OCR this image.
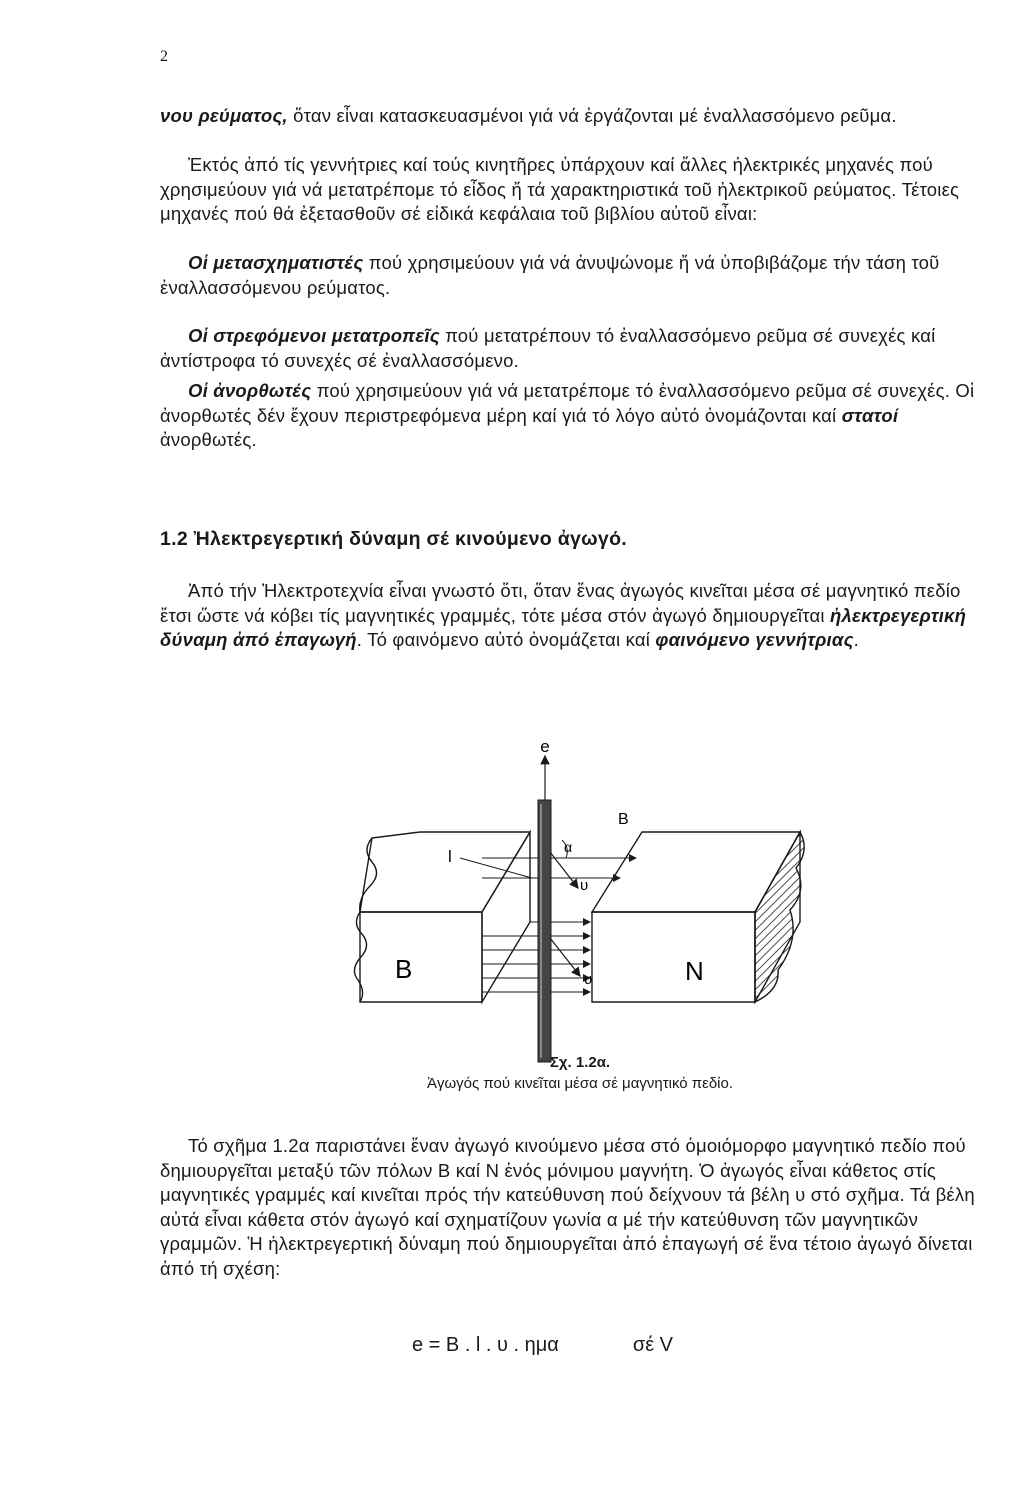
2
νου ρεύματος, ὅταν εἶναι κατασκευασμένοι γιά νά ἐργάζονται μέ ἐναλλασσόμενο ρεῦμα.
Ἐκτός ἀπό τίς γεννήτριες καί τούς κινητῆρες ὑπάρχουν καί ἄλλες ἠλεκτρικές μηχανές πού χρησιμεύουν γιά νά μετατρέπομε τό εἶδος ἤ τά χαρακτηριστικά τοῦ ἠλεκτρικοῦ ρεύματος. Τέτοιες μηχανές πού θά ἐξετασθοῦν σέ εἰδικά κεφάλαια τοῦ βιβλίου αὐτοῦ εἶναι:
Οἱ μετασχηματιστές πού χρησιμεύουν γιά νά ἀνυψώνομε ἤ νά ὑποβιβάζομε τήν τάση τοῦ ἐναλλασσόμενου ρεύματος.
Οἱ στρεφόμενοι μετατροπεῖς πού μετατρέπουν τό ἐναλλασσόμενο ρεῦμα σέ συνεχές καί ἀντίστροφα τό συνεχές σέ ἐναλλασσόμενο.
Οἱ ἀνορθωτές πού χρησιμεύουν γιά νά μετατρέπομε τό ἐναλλασσόμενο ρεῦμα σέ συνεχές. Οἱ ἀνορθωτές δέν ἔχουν περιστρεφόμενα μέρη καί γιά τό λόγο αὐτό ὀνομάζονται καί στατοί ἀνορθωτές.
1.2 Ἠλεκτρεγερτική δύναμη σέ κινούμενο ἀγωγό.
Ἀπό τήν Ἠλεκτροτεχνία εἶναι γνωστό ὅτι, ὅταν ἕνας ἀγωγός κινεῖται μέσα σέ μαγνητικό πεδίο ἔτσι ὥστε νά κόβει τίς μαγνητικές γραμμές, τότε μέσα στόν ἀγωγό δημιουργεῖται ἠλεκτρεγερτική δύναμη ἀπό ἐπαγωγή. Τό φαινόμενο αὐτό ὀνομάζεται καί φαινόμενο γεννήτριας.
e
B
l	α
υ
υ
B	N
Σχ. 1.2α.
Ἀγωγός πού κινεῖται μέσα σέ μαγνητικό πεδίο.
Τό σχῆμα 1.2α παριστάνει ἕναν ἀγωγό κινούμενο μέσα στό ὁμοιόμορφο μαγνητικό πεδίο πού δημιουργεῖται μεταξύ τῶν πόλων B καί N ἑνός μόνιμου μαγνήτη. Ὁ ἀγωγός εἶναι κάθετος στίς μαγνητικές γραμμές καί κινεῖται πρός τήν κατεύθυνση πού δείχνουν τά βέλη υ στό σχῆμα. Τά βέλη αὐτά εἶναι κάθετα στόν ἀγωγό καί σχηματίζουν γωνία α μέ τήν κατεύθυνση τῶν μαγνητικῶν γραμμῶν. Ἡ ἠλεκτρεγερτική δύναμη πού δημιουργεῖται ἀπό ἐπαγωγή σέ ἕνα τέτοιο ἀγωγό δίνεται ἀπό τή σχέση:
e = B . l . υ . ημα	σέ V
